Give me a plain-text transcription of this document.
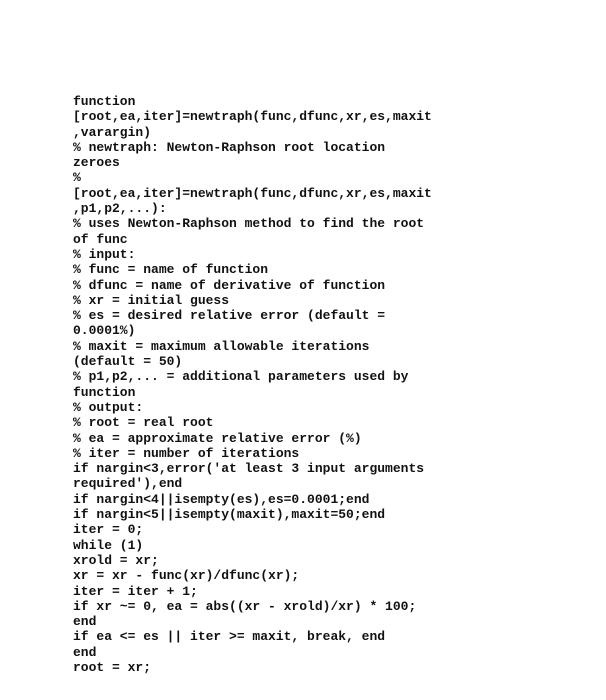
function
[root,ea,iter]=newtraph(func,dfunc,xr,es,maxit
,varargin)
% newtraph: Newton-Raphson root location
zeroes
%
[root,ea,iter]=newtraph(func,dfunc,xr,es,maxit
,p1,p2,...):
% uses Newton-Raphson method to find the root
of func
% input:
% func = name of function
% dfunc = name of derivative of function
% xr = initial guess
% es = desired relative error (default =
0.0001%)
% maxit = maximum allowable iterations
(default = 50)
% p1,p2,... = additional parameters used by
function
% output:
% root = real root
% ea = approximate relative error (%)
% iter = number of iterations
if nargin<3,error('at least 3 input arguments
required'),end
if nargin<4||isempty(es),es=0.0001;end
if nargin<5||isempty(maxit),maxit=50;end
iter = 0;
while (1)
xrold = xr;
xr = xr - func(xr)/dfunc(xr);
iter = iter + 1;
if xr ~= 0, ea = abs((xr - xrold)/xr) * 100;
end
if ea <= es || iter >= maxit, break, end
end
root = xr;
